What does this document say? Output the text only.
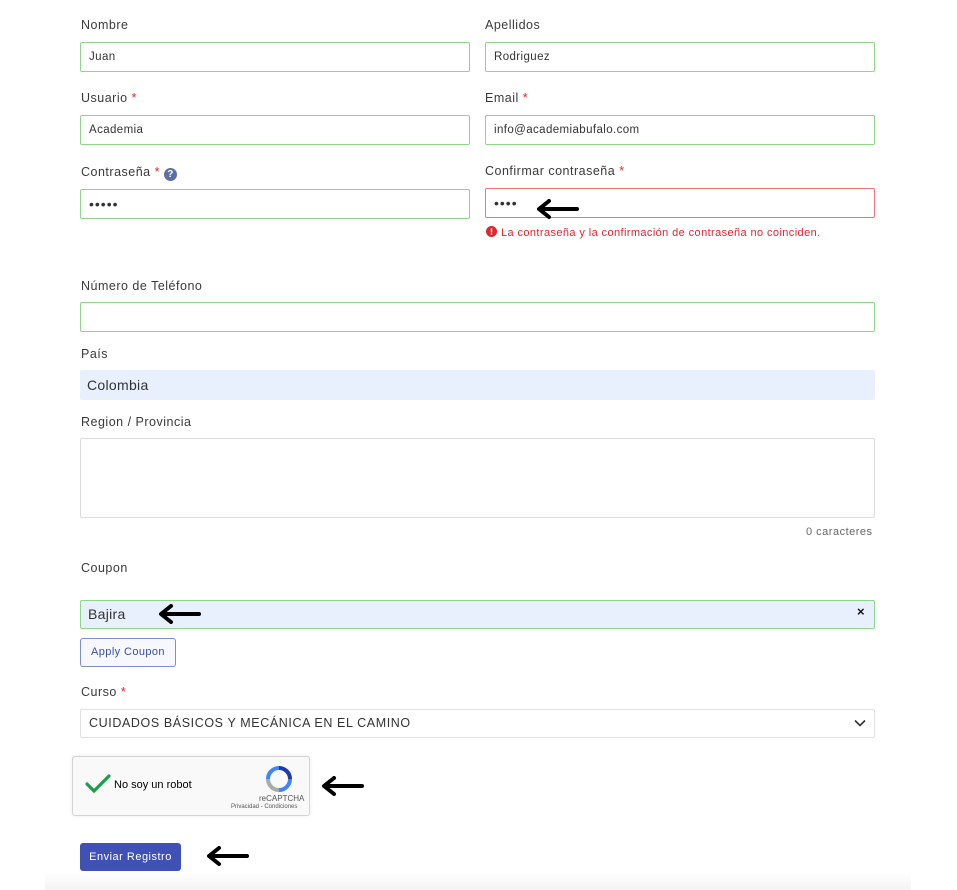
Nombre
Juan
Apellidos
Rodriguez
Usuario *
Academia
Email *
info@academiabufalo.com
Contraseña * ?
•••••
Confirmar contraseña *
••••
La contraseña y la confirmación de contraseña no coinciden.
Número de Teléfono
País
Colombia
Region / Provincia
0 caracteres
Coupon
Bajira	×
Apply Coupon
Curso *
CUIDADOS BÁSICOS Y MECÁNICA EN EL CAMINO
No soy un robot
reCAPTCHA
Privacidad - Condiciones
Enviar Registro
